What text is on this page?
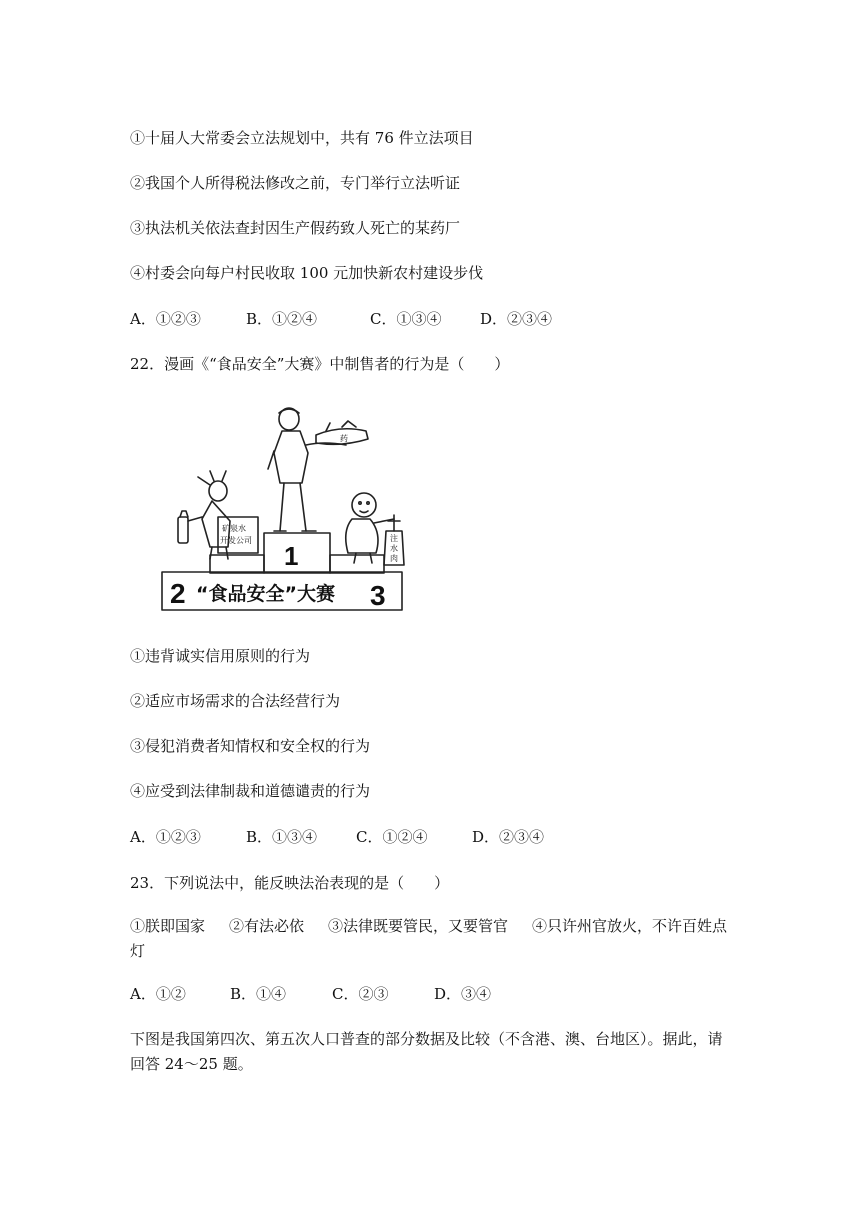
①十届人大常委会立法规划中，共有 76 件立法项目
②我国个人所得税法修改之前，专门举行立法听证
③执法机关依法查封因生产假药致人死亡的某药厂
④村委会向每户村民收取 100 元加快新农村建设步伐
A．①②③	B．①②④	C．①③④	D．②③④
22．漫画《“食品安全”大赛》中制售者的行为是（　　）
1
2	3
“食品安全”大赛
矿泉水
开发公司	注
水
肉
药
①违背诚实信用原则的行为
②适应市场需求的合法经营行为
③侵犯消费者知情权和安全权的行为
④应受到法律制裁和道德谴责的行为
A．①②③	B．①③④	C．①②④	D．②③④
23．下列说法中，能反映法治表现的是（　　）
①朕即国家 ②有法必依 ③法律既要管民，又要管官 ④只许州官放火，不许百姓点灯
A．①②	B．①④	C．②③	D．③④
下图是我国第四次、第五次人口普查的部分数据及比较（不含港、澳、台地区）。据此，请回答 24～25 题。
